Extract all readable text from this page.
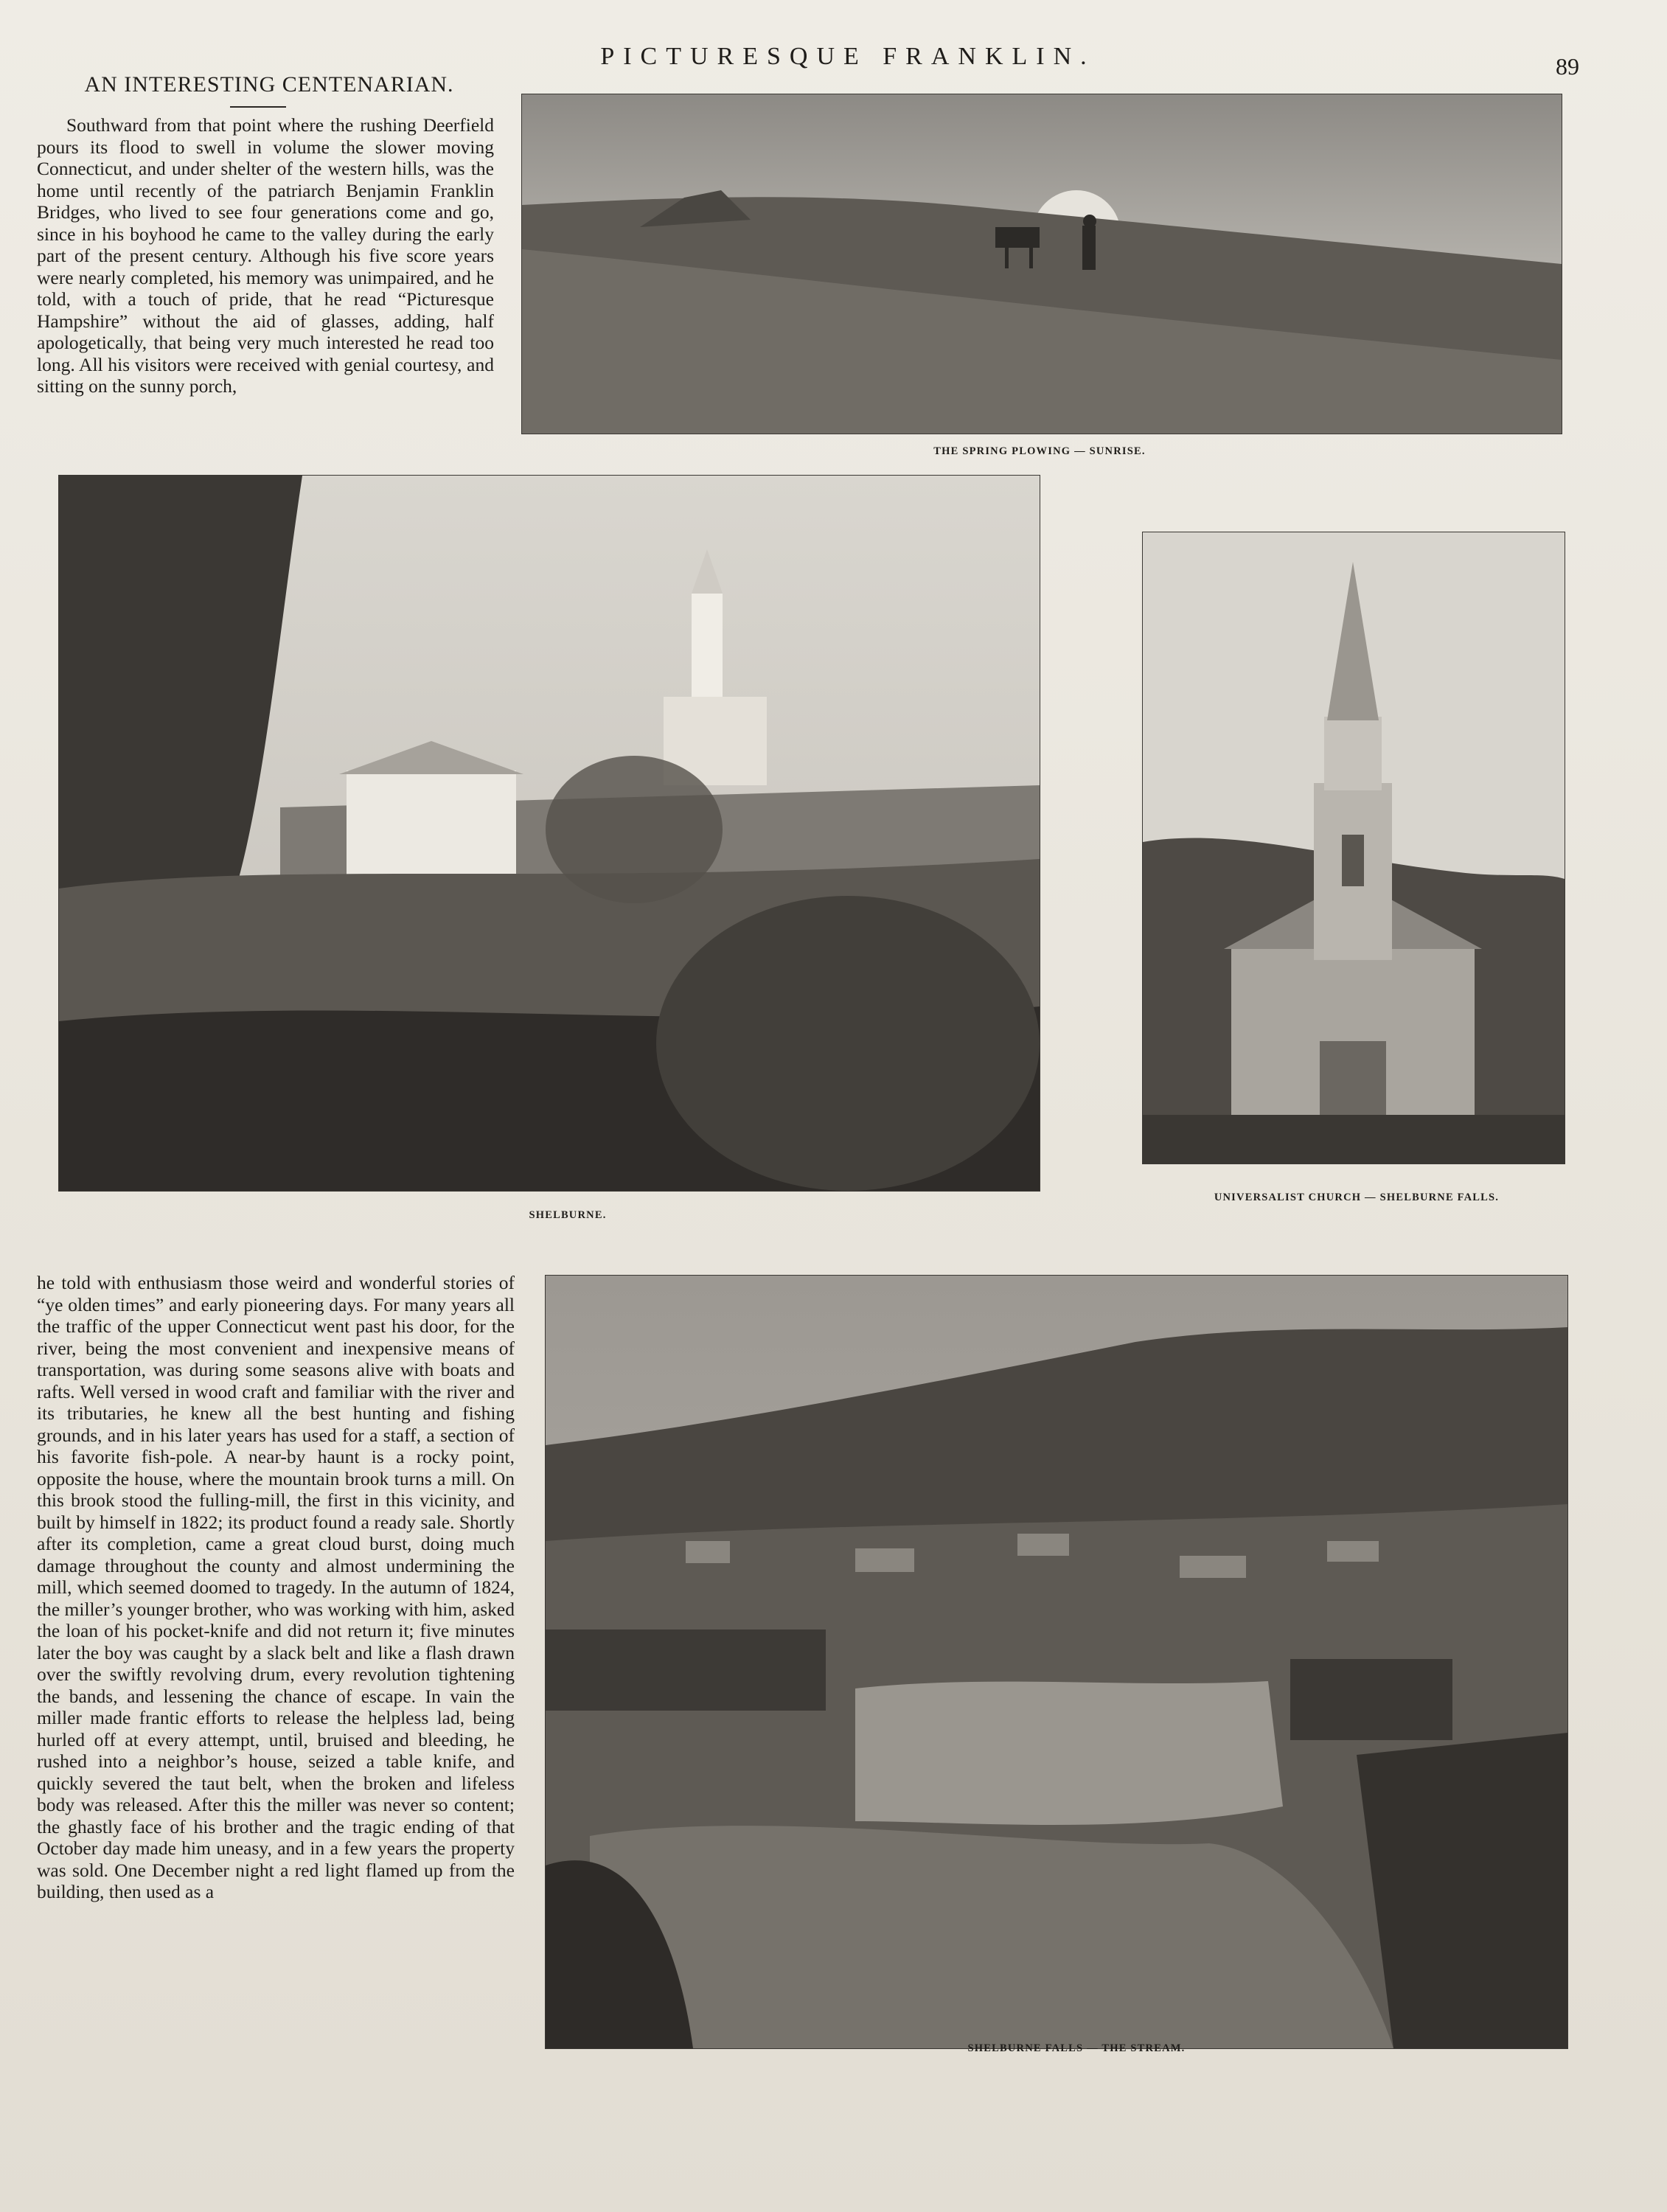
PICTURESQUE FRANKLIN.	89
AN INTERESTING CENTENARIAN.

Southward from that point where the rushing Deerfield pours its flood to swell in volume the slower moving Connecticut, and under shelter of the western hills, was the home until recently of the patriarch Benjamin Franklin Bridges, who lived to see four generations come and go, since in his boyhood he came to the valley during the early part of the present century. Although his five score years were nearly completed, his memory was unimpaired, and he told, with a touch of pride, that he read “Picturesque Hampshire” without the aid of glasses, adding, half apologetically, that being very much interested he read too long. All his visitors were received with genial courtesy, and sitting on the sunny porch,

THE SPRING PLOWING — SUNRISE.
SHELBURNE.
UNIVERSALIST CHURCH — SHELBURNE FALLS.
SHELBURNE FALLS — THE STREAM.

he told with enthusiasm those weird and wonderful stories of “ye olden times” and early pioneering days. For many years all the traffic of the upper Connecticut went past his door, for the river, being the most convenient and inexpensive means of transportation, was during some seasons alive with boats and rafts. Well versed in wood craft and familiar with the river and its tributaries, he knew all the best hunting and fishing grounds, and in his later years has used for a staff, a section of his favorite fish-pole. A near-by haunt is a rocky point, opposite the house, where the mountain brook turns a mill. On this brook stood the fulling-mill, the first in this vicinity, and built by himself in 1822; its product found a ready sale. Shortly after its completion, came a great cloud burst, doing much damage throughout the county and almost undermining the mill, which seemed doomed to tragedy. In the autumn of 1824, the miller’s younger brother, who was working with him, asked the loan of his pocket-knife and did not return it; five minutes later the boy was caught by a slack belt and like a flash drawn over the swiftly revolving drum, every revolution tightening the bands, and lessening the chance of escape. In vain the miller made frantic efforts to release the helpless lad, being hurled off at every attempt, until, bruised and bleeding, he rushed into a neighbor’s house, seized a table knife, and quickly severed the taut belt, when the broken and lifeless body was released. After this the miller was never so content; the ghastly face of his brother and the tragic ending of that October day made him uneasy, and in a few years the property was sold. One December night a red light flamed up from the building, then used as a
